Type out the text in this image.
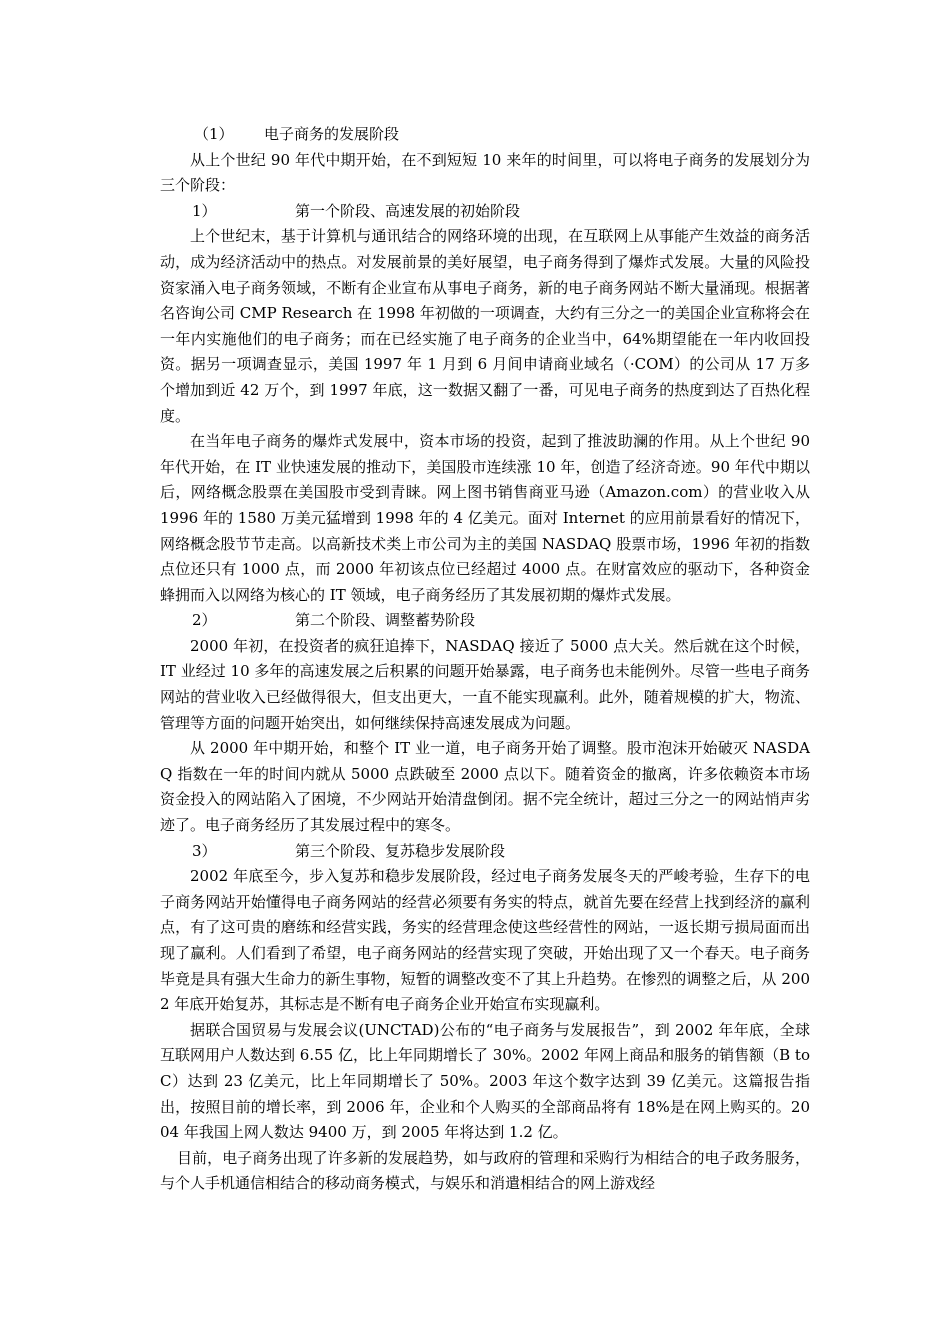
（1） 电子商务的发展阶段
从上个世纪 90 年代中期开始，在不到短短 10 来年的时间里，可以将电子商务的发展划分为三个阶段：
1）	第一个阶段、高速发展的初始阶段
上个世纪末，基于计算机与通讯结合的网络环境的出现，在互联网上从事能产生效益的商务活动，成为经济活动中的热点。对发展前景的美好展望，电子商务得到了爆炸式发展。大量的风险投资家涌入电子商务领域，不断有企业宣布从事电子商务，新的电子商务网站不断大量涌现。根据著名咨询公司 CMP Research 在 1998 年初做的一项调查，大约有三分之一的美国企业宣称将会在一年内实施他们的电子商务；而在已经实施了电子商务的企业当中，64%期望能在一年内收回投资。据另一项调查显示，美国 1997 年 1 月到 6 月间申请商业域名（·COM）的公司从 17 万多个增加到近 42 万个，到 1997 年底，这一数据又翻了一番，可见电子商务的热度到达了百热化程度。
在当年电子商务的爆炸式发展中，资本市场的投资，起到了推波助澜的作用。从上个世纪 90 年代开始，在 IT 业快速发展的推动下，美国股市连续涨 10 年，创造了经济奇迹。90 年代中期以后，网络概念股票在美国股市受到青睐。网上图书销售商亚马逊（Amazon.com）的营业收入从 1996 年的 1580 万美元猛增到 1998 年的 4 亿美元。面对 Internet 的应用前景看好的情况下，网络概念股节节走高。以高新技术类上市公司为主的美国 NASDAQ 股票市场，1996 年初的指数点位还只有 1000 点，而 2000 年初该点位已经超过 4000 点。在财富效应的驱动下，各种资金蜂拥而入以网络为核心的 IT 领域，电子商务经历了其发展初期的爆炸式发展。
2）	第二个阶段、调整蓄势阶段
2000 年初，在投资者的疯狂追捧下，NASDAQ 接近了 5000 点大关。然后就在这个时候，IT 业经过 10 多年的高速发展之后积累的问题开始暴露，电子商务也未能例外。尽管一些电子商务网站的营业收入已经做得很大，但支出更大，一直不能实现赢利。此外，随着规模的扩大，物流、管理等方面的问题开始突出，如何继续保持高速发展成为问题。
从 2000 年中期开始，和整个 IT 业一道，电子商务开始了调整。股市泡沫开始破灭 NASDAQ 指数在一年的时间内就从 5000 点跌破至 2000 点以下。随着资金的撤离，许多依赖资本市场资金投入的网站陷入了困境，不少网站开始清盘倒闭。据不完全统计，超过三分之一的网站悄声劣迹了。电子商务经历了其发展过程中的寒冬。
3）	第三个阶段、复苏稳步发展阶段
2002 年底至今，步入复苏和稳步发展阶段，经过电子商务发展冬天的严峻考验，生存下的电子商务网站开始懂得电子商务网站的经营必须要有务实的特点，就首先要在经营上找到经济的赢利点，有了这可贵的磨练和经营实践，务实的经营理念使这些经营性的网站，一返长期亏损局面而出现了赢利。人们看到了希望，电子商务网站的经营实现了突破，开始出现了又一个春天。电子商务毕竟是具有强大生命力的新生事物，短暂的调整改变不了其上升趋势。在惨烈的调整之后，从 2002 年底开始复苏，其标志是不断有电子商务企业开始宣布实现赢利。
据联合国贸易与发展会议(UNCTAD)公布的“电子商务与发展报告”，到 2002 年年底，全球互联网用户人数达到 6.55 亿，比上年同期增长了 30%。2002 年网上商品和服务的销售额（B to C）达到 23 亿美元，比上年同期增长了 50%。2003 年这个数字达到 39 亿美元。这篇报告指出，按照目前的增长率，到 2006 年，企业和个人购买的全部商品将有 18%是在网上购买的。2004 年我国上网人数达 9400 万，到 2005 年将达到 1.2 亿。
目前，电子商务出现了许多新的发展趋势，如与政府的管理和采购行为相结合的电子政务服务，与个人手机通信相结合的移动商务模式，与娱乐和消遣相结合的网上游戏经
